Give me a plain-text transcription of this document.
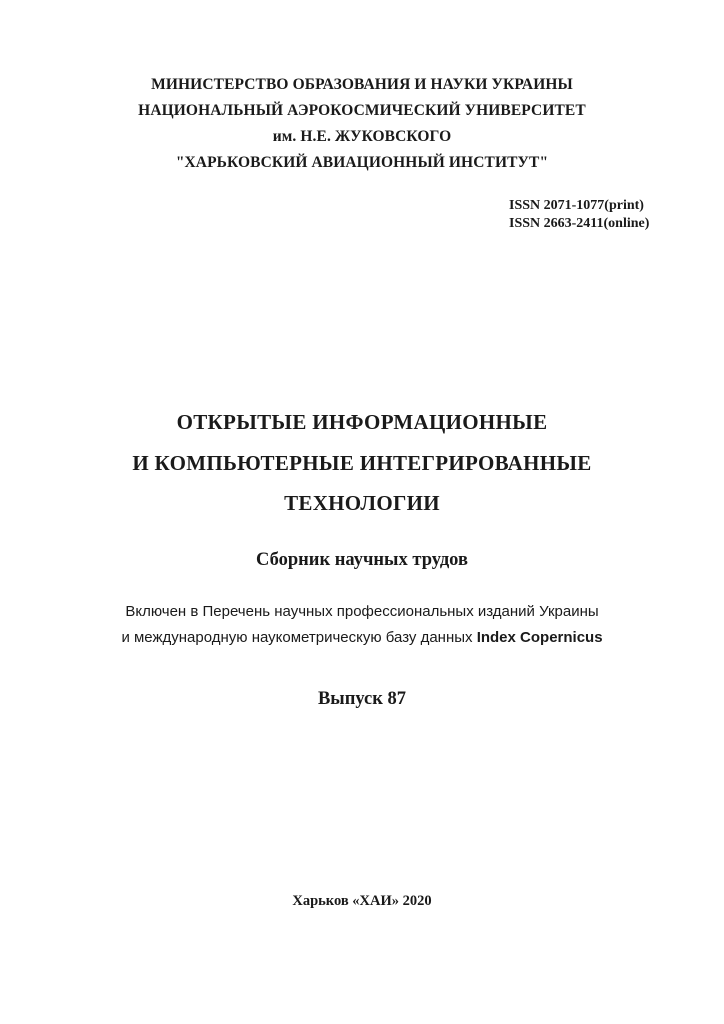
МИНИСТЕРСТВО ОБРАЗОВАНИЯ И НАУКИ УКРАИНЫ
НАЦИОНАЛЬНЫЙ АЭРОКОСМИЧЕСКИЙ УНИВЕРСИТЕТ
им. Н.Е. ЖУКОВСКОГО
"ХАРЬКОВСКИЙ АВИАЦИОННЫЙ ИНСТИТУТ"
ISSN 2071-1077(print)
ISSN 2663-2411(online)
ОТКРЫТЫЕ ИНФОРМАЦИОННЫЕ
И КОМПЬЮТЕРНЫЕ ИНТЕГРИРОВАННЫЕ
ТЕХНОЛОГИИ
Сборник научных трудов
Включен в Перечень научных профессиональных изданий Украины
и международную наукометрическую базу данных Index Copernicus
Выпуск 87
Харьков «ХАИ» 2020
